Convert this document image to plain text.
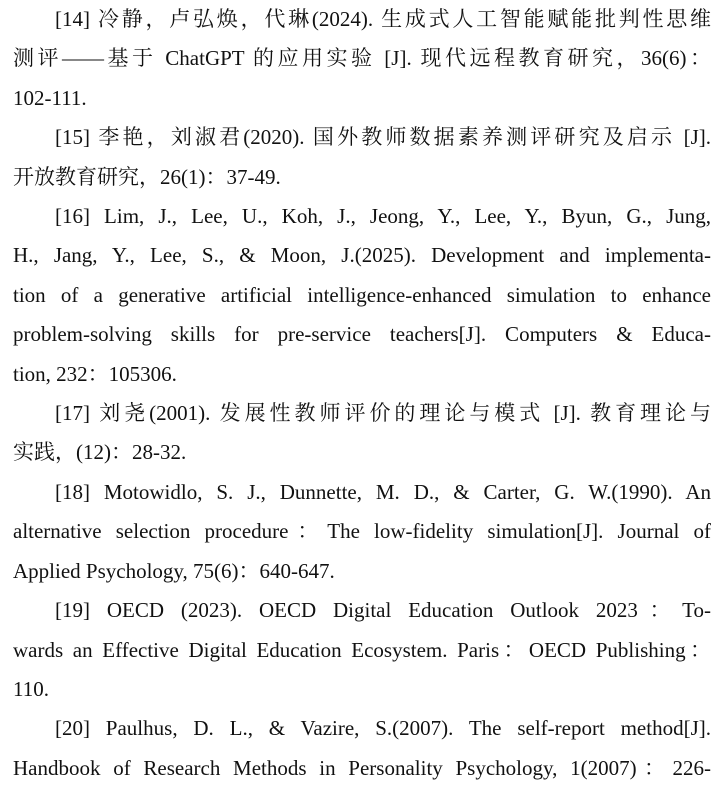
[14] 冷静，卢弘焕，代琳(2024). 生成式人工智能赋能批判性思维
测评——基于 ChatGPT 的应用实验 [J]. 现代远程教育研究，36(6)：
102-111.

[15] 李艳，刘淑君(2020). 国外教师数据素养测评研究及启示 [J].
开放教育研究，26(1)：37-49.

[16] Lim, J., Lee, U., Koh, J., Jeong, Y., Lee, Y., Byun, G., Jung,
H., Jang, Y., Lee, S., & Moon, J.(2025). Development and implementa-
tion of a generative artificial intelligence-enhanced simulation to enhance
problem-solving skills for pre-service teachers[J]. Computers & Educa-
tion, 232：105306.

[17] 刘尧(2001). 发展性教师评价的理论与模式 [J]. 教育理论与
实践，(12)：28-32.

[18] Motowidlo, S. J., Dunnette, M. D., & Carter, G. W.(1990). An
alternative selection procedure：The low-fidelity simulation[J]. Journal of
Applied Psychology, 75(6)：640-647.

[19] OECD (2023). OECD Digital Education Outlook 2023：To-
wards an Effective Digital Education Ecosystem. Paris：OECD Publishing：
110.

[20] Paulhus, D. L., & Vazire, S.(2007). The self-report method[J].
Handbook of Research Methods in Personality Psychology, 1(2007)：226-
